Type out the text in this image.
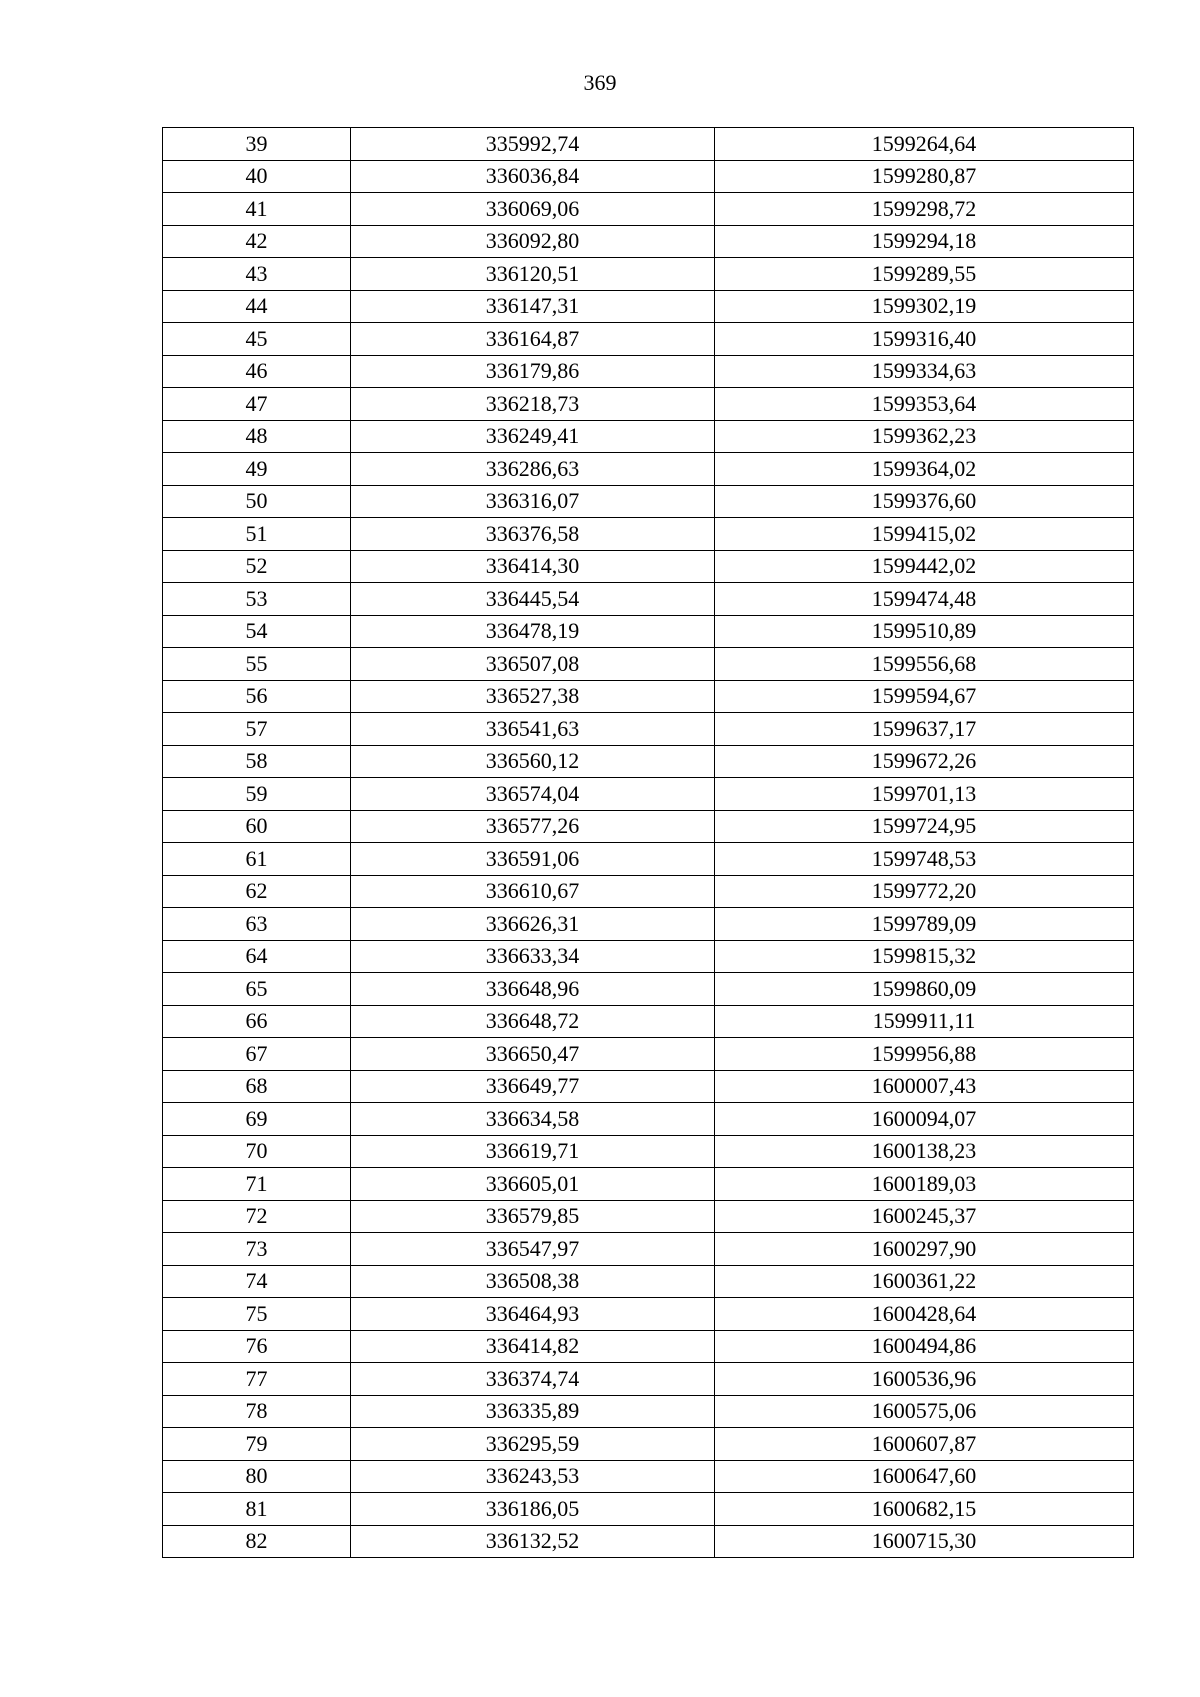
369
39	335992,74	1599264,64
40	336036,84	1599280,87
41	336069,06	1599298,72
42	336092,80	1599294,18
43	336120,51	1599289,55
44	336147,31	1599302,19
45	336164,87	1599316,40
46	336179,86	1599334,63
47	336218,73	1599353,64
48	336249,41	1599362,23
49	336286,63	1599364,02
50	336316,07	1599376,60
51	336376,58	1599415,02
52	336414,30	1599442,02
53	336445,54	1599474,48
54	336478,19	1599510,89
55	336507,08	1599556,68
56	336527,38	1599594,67
57	336541,63	1599637,17
58	336560,12	1599672,26
59	336574,04	1599701,13
60	336577,26	1599724,95
61	336591,06	1599748,53
62	336610,67	1599772,20
63	336626,31	1599789,09
64	336633,34	1599815,32
65	336648,96	1599860,09
66	336648,72	1599911,11
67	336650,47	1599956,88
68	336649,77	1600007,43
69	336634,58	1600094,07
70	336619,71	1600138,23
71	336605,01	1600189,03
72	336579,85	1600245,37
73	336547,97	1600297,90
74	336508,38	1600361,22
75	336464,93	1600428,64
76	336414,82	1600494,86
77	336374,74	1600536,96
78	336335,89	1600575,06
79	336295,59	1600607,87
80	336243,53	1600647,60
81	336186,05	1600682,15
82	336132,52	1600715,30
